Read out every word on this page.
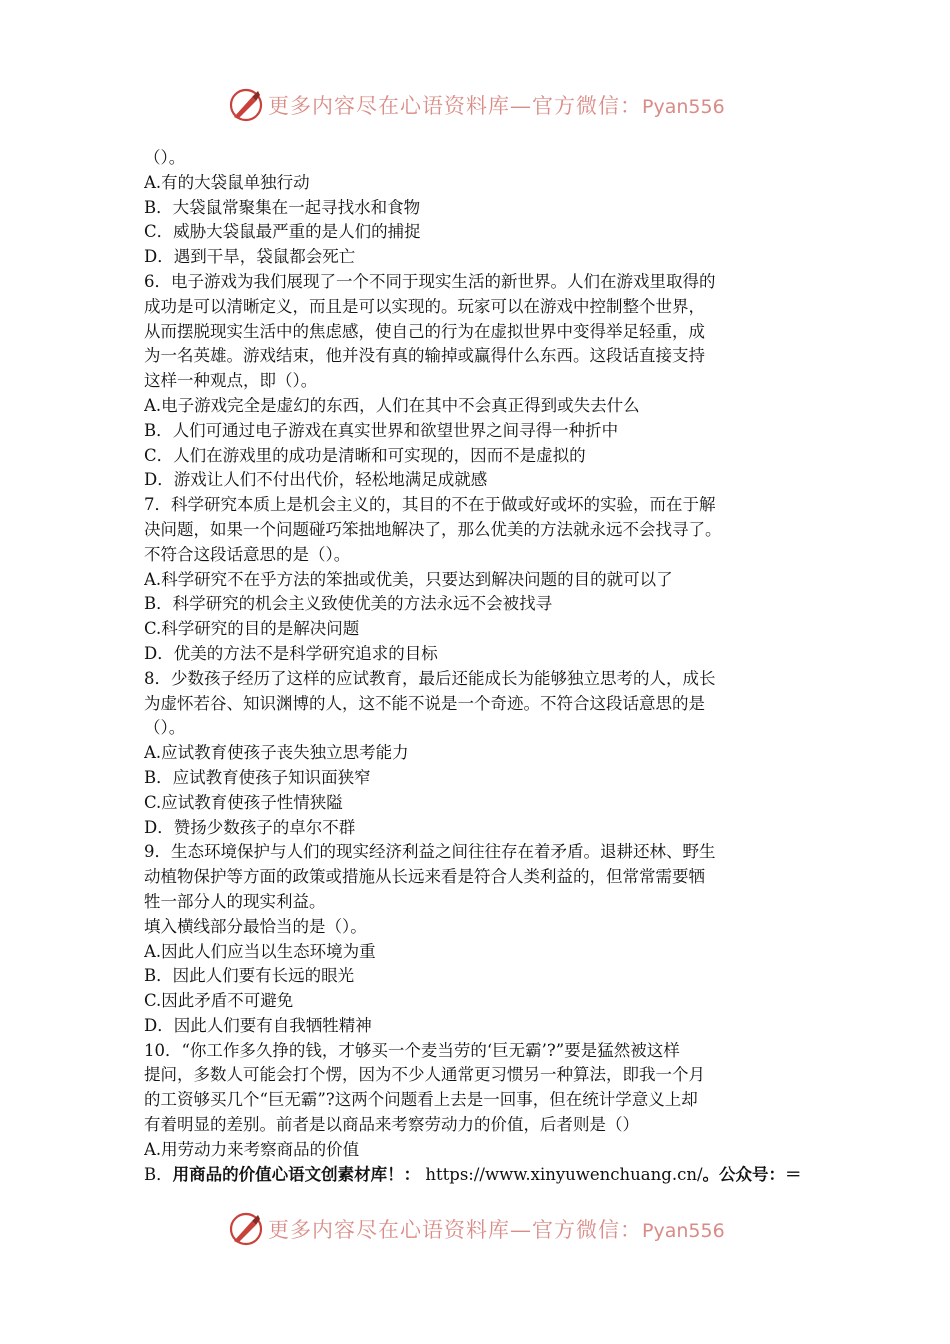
更多内容尽在心语资料库—官方微信：Pyan556
（）。
A.有的大袋鼠单独行动
B．大袋鼠常聚集在一起寻找水和食物
C．威胁大袋鼠最严重的是人们的捕捉
D．遇到干旱，袋鼠都会死亡
6．电子游戏为我们展现了一个不同于现实生活的新世界。人们在游戏里取得的
成功是可以清晰定义，而且是可以实现的。玩家可以在游戏中控制整个世界，
从而摆脱现实生活中的焦虑感，使自己的行为在虚拟世界中变得举足轻重，成
为一名英雄。游戏结束，他并没有真的输掉或赢得什么东西。这段话直接支持
这样一种观点，即（）。
A.电子游戏完全是虚幻的东西，人们在其中不会真正得到或失去什么
B．人们可通过电子游戏在真实世界和欲望世界之间寻得一种折中
C．人们在游戏里的成功是清晰和可实现的，因而不是虚拟的
D．游戏让人们不付出代价，轻松地满足成就感
7．科学研究本质上是机会主义的，其目的不在于做或好或坏的实验，而在于解
决问题，如果一个问题碰巧笨拙地解决了，那么优美的方法就永远不会找寻了。
不符合这段话意思的是（）。
A.科学研究不在乎方法的笨拙或优美，只要达到解决问题的目的就可以了
B．科学研究的机会主义致使优美的方法永远不会被找寻
C.科学研究的目的是解决问题
D．优美的方法不是科学研究追求的目标
8．少数孩子经历了这样的应试教育，最后还能成长为能够独立思考的人，成长
为虚怀若谷、知识渊博的人，这不能不说是一个奇迹。不符合这段话意思的是
（）。
A.应试教育使孩子丧失独立思考能力
B．应试教育使孩子知识面狭窄
C.应试教育使孩子性情狭隘
D．赞扬少数孩子的卓尔不群
9．生态环境保护与人们的现实经济利益之间往往存在着矛盾。退耕还林、野生
动植物保护等方面的政策或措施从长远来看是符合人类利益的，但常常需要牺
牲一部分人的现实利益。
填入横线部分最恰当的是（）。
A.因此人们应当以生态环境为重
B．因此人们要有长远的眼光
C.因此矛盾不可避免
D．因此人们要有自我牺牲精神
10．“你工作多久挣的钱，才够买一个麦当劳的‘巨无霸’?”要是猛然被这样
提问，多数人可能会打个愣，因为不少人通常更习惯另一种算法，即我一个月
的工资够买几个“巨无霸”?这两个问题看上去是一回事，但在统计学意义上却
有着明显的差别。前者是以商品来考察劳动力的价值，后者则是（）
A.用劳动力来考察商品的价值
B．用商品的价值心语文创素材库！： https://www.xinyuwenchuang.cn/。公众号：＝
更多内容尽在心语资料库—官方微信：Pyan556
